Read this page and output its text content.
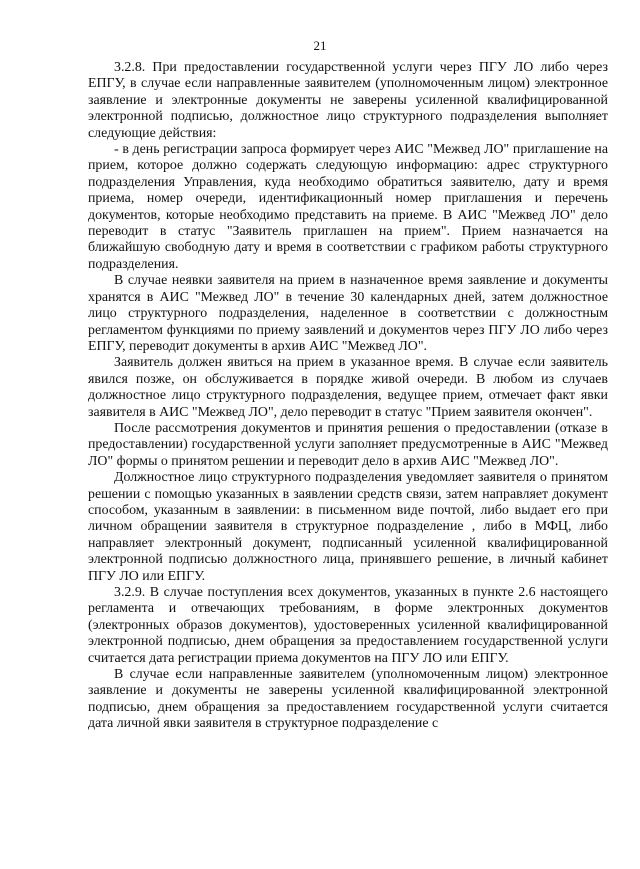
21

3.2.8. При предоставлении государственной услуги через ПГУ ЛО либо через ЕПГУ, в случае если направленные заявителем (уполномоченным лицом) электронное заявление и электронные документы не заверены усиленной квалифицированной электронной подписью, должностное лицо структурного подразделения выполняет следующие действия:

- в день регистрации запроса формирует через АИС "Межвед ЛО" приглашение на прием, которое должно содержать следующую информацию: адрес структурного подразделения Управления, куда необходимо обратиться заявителю, дату и время приема, номер очереди, идентификационный номер приглашения и перечень документов, которые необходимо представить на приеме. В АИС "Межвед ЛО" дело переводит в статус "Заявитель приглашен на прием". Прием назначается на ближайшую свободную дату и время в соответствии с графиком работы структурного подразделения.

В случае неявки заявителя на прием в назначенное время заявление и документы хранятся в АИС "Межвед ЛО" в течение 30 календарных дней, затем должностное лицо структурного подразделения, наделенное в соответствии с должностным регламентом функциями по приему заявлений и документов через ПГУ ЛО либо через ЕПГУ, переводит документы в архив АИС "Межвед ЛО".

Заявитель должен явиться на прием в указанное время. В случае если заявитель явился позже, он обслуживается в порядке живой очереди. В любом из случаев должностное лицо структурного подразделения, ведущее прием, отмечает факт явки заявителя в АИС "Межвед ЛО", дело переводит в статус "Прием заявителя окончен".

После рассмотрения документов и принятия решения о предоставлении (отказе в предоставлении) государственной услуги заполняет предусмотренные в АИС "Межвед ЛО" формы о принятом решении и переводит дело в архив АИС "Межвед ЛО".

Должностное лицо структурного подразделения уведомляет заявителя о принятом решении с помощью указанных в заявлении средств связи, затем направляет документ способом, указанным в заявлении: в письменном виде почтой, либо выдает его при личном обращении заявителя в структурное подразделение , либо в МФЦ, либо направляет электронный документ, подписанный усиленной квалифицированной электронной подписью должностного лица, принявшего решение, в личный кабинет ПГУ ЛО или ЕПГУ.

3.2.9. В случае поступления всех документов, указанных в пункте 2.6 настоящего регламента и отвечающих требованиям, в форме электронных документов (электронных образов документов), удостоверенных усиленной квалифицированной электронной подписью, днем обращения за предоставлением государственной услуги считается дата регистрации приема документов на ПГУ ЛО или ЕПГУ.

В случае если направленные заявителем (уполномоченным лицом) электронное заявление и документы не заверены усиленной квалифицированной электронной подписью, днем обращения за предоставлением государственной услуги считается дата личной явки заявителя в структурное подразделение с
